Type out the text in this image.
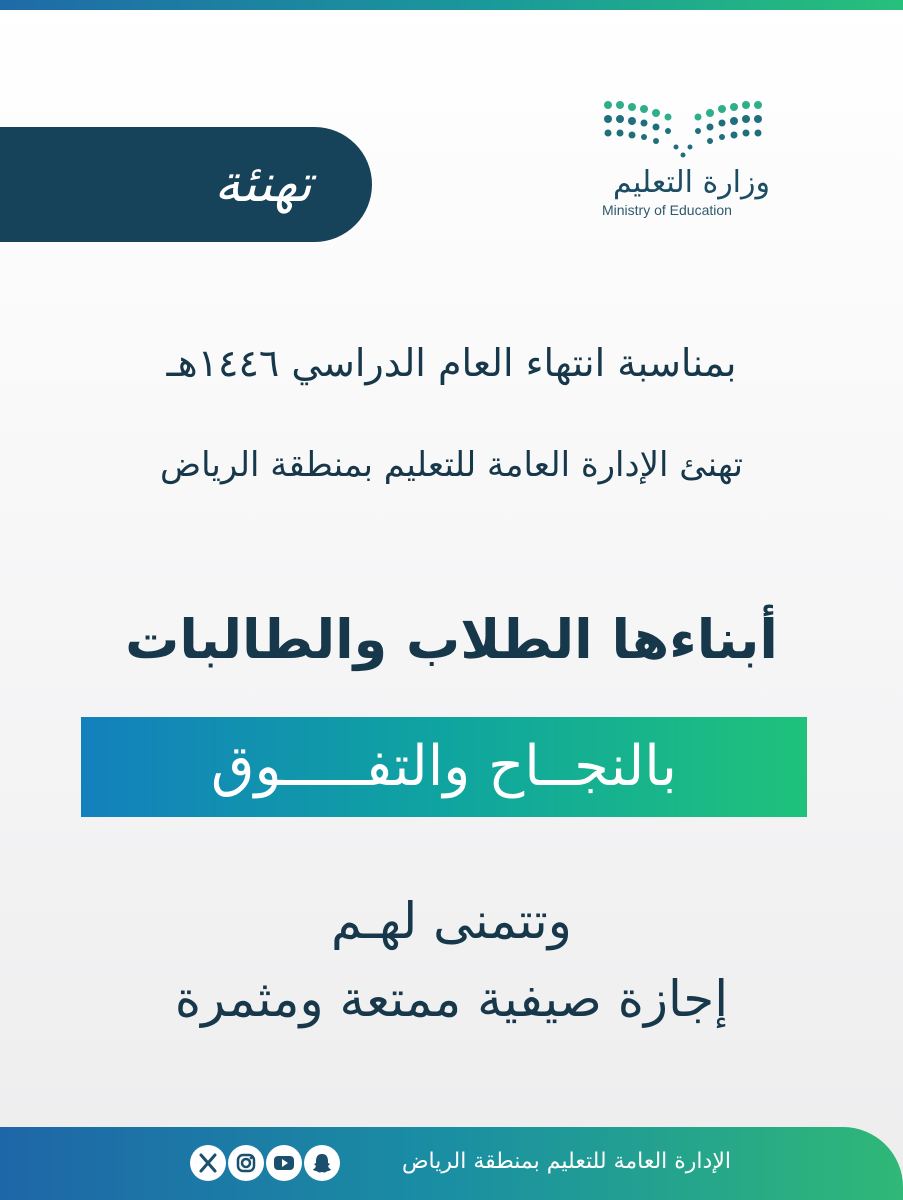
تهنئة	وزارة التعليم
Ministry of Education
بمناسبة انتهاء العام الدراسي ١٤٤٦هـ
تهنئ الإدارة العامة للتعليم بمنطقة الرياض
أبناءها الطلاب والطالبات
بالنجــاح والتفـــــوق
وتتمنى لهـم
إجازة صيفية ممتعة ومثمرة
الإدارة العامة للتعليم بمنطقة الرياض
